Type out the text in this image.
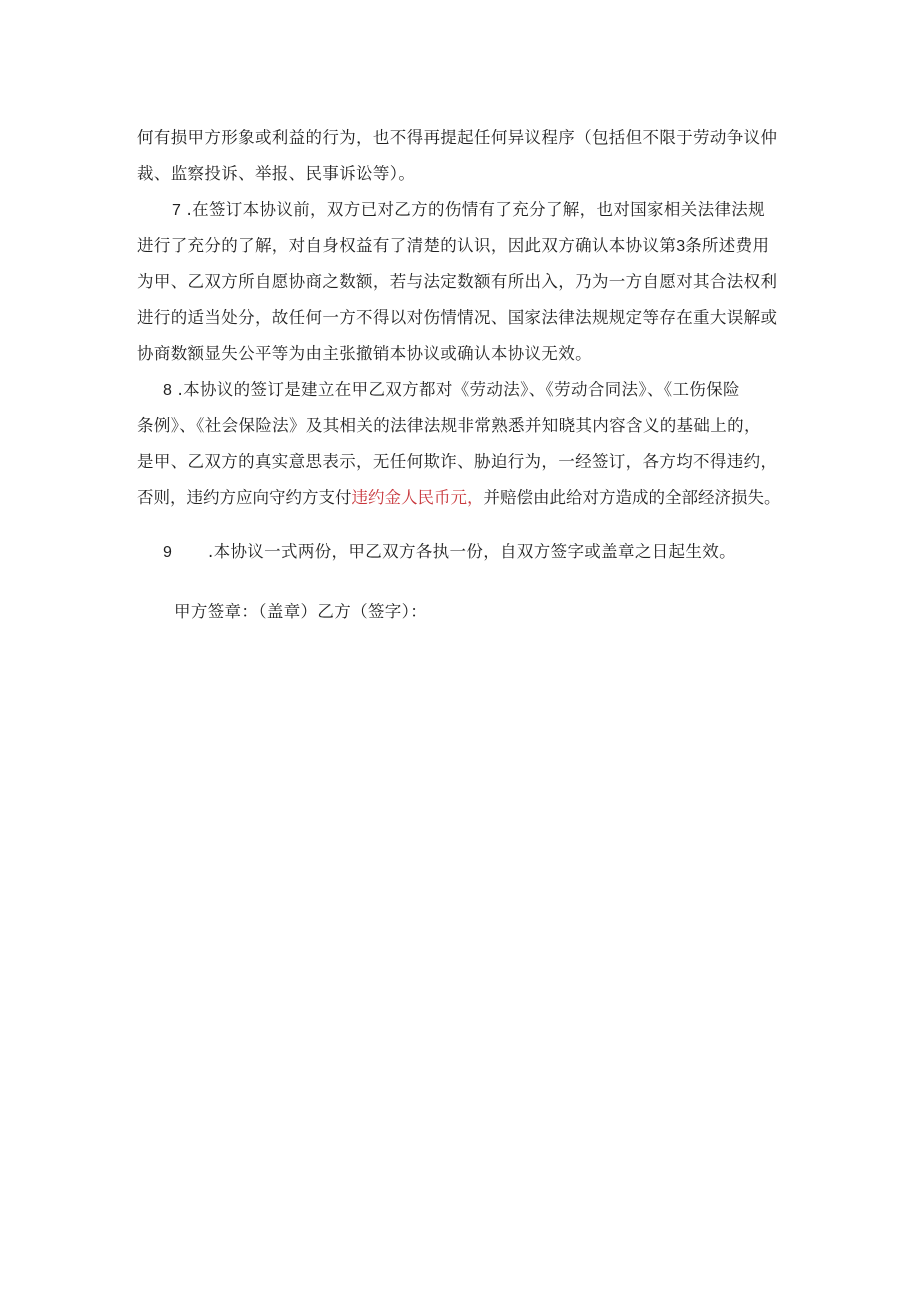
何有损甲方形象或利益的行为，也不得再提起任何异议程序（包括但不限于劳动争议仲
裁、监察投诉、举报、民事诉讼等）。
7 .在签订本协议前，双方已对乙方的伤情有了充分了解，也对国家相关法律法规
进行了充分的了解，对自身权益有了清楚的认识，因此双方确认本协议第3条所述费用
为甲、乙双方所自愿协商之数额，若与法定数额有所出入，乃为一方自愿对其合法权利
进行的适当处分，故任何一方不得以对伤情情况、国家法律法规规定等存在重大误解或
协商数额显失公平等为由主张撤销本协议或确认本协议无效。
8 .本协议的签订是建立在甲乙双方都对《劳动法》、《劳动合同法》、《工伤保险
条例》、《社会保险法》及其相关的法律法规非常熟悉并知晓其内容含义的基础上的，
是甲、乙双方的真实意思表示，无任何欺诈、胁迫行为，一经签订，各方均不得违约，
否则，违约方应向守约方支付违约金人民币元，并赔偿由此给对方造成的全部经济损失。
9 .本协议一式两份，甲乙双方各执一份，自双方签字或盖章之日起生效。
甲方签章：（盖章）乙方（签字）：
